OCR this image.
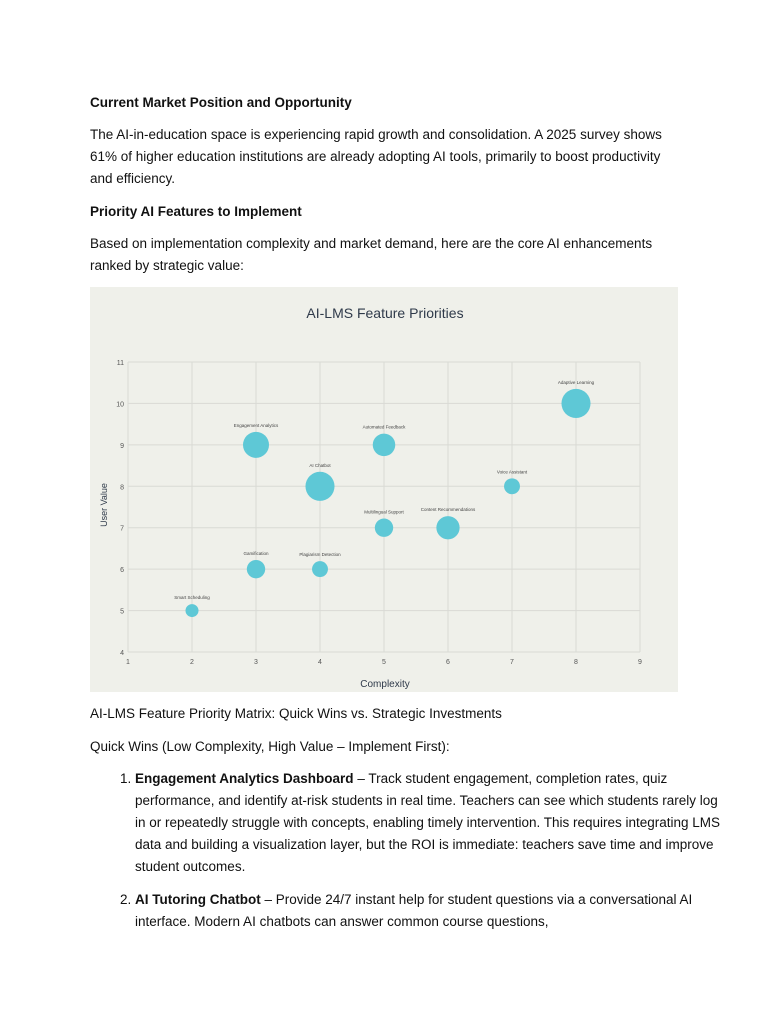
Current Market Position and Opportunity

The AI-in-education space is experiencing rapid growth and consolidation. A 2025 survey shows 61% of higher education institutions are already adopting AI tools, primarily to boost productivity and efficiency.

Priority AI Features to Implement

Based on implementation complexity and market demand, here are the core AI enhancements ranked by strategic value:

AI-LMS Feature Priorities
Complexity
User Value
1	2	3	4	5	6	7	8	9
4
5
6
7
8
9
10
11
Smart Scheduling
Gamification
Engagement Analytics
Plagiarism Detection
AI Chatbot
Automated Feedback
Multilingual Support	Content Recommendations
Voice Assistant
Adaptive Learning

AI-LMS Feature Priority Matrix: Quick Wins vs. Strategic Investments

Quick Wins (Low Complexity, High Value – Implement First):

1. Engagement Analytics Dashboard – Track student engagement, completion rates, quiz performance, and identify at-risk students in real time. Teachers can see which students rarely log in or repeatedly struggle with concepts, enabling timely intervention. This requires integrating LMS data and building a visualization layer, but the ROI is immediate: teachers save time and improve student outcomes.
2. AI Tutoring Chatbot – Provide 24/7 instant help for student questions via a conversational AI interface. Modern AI chatbots can answer common course questions,
